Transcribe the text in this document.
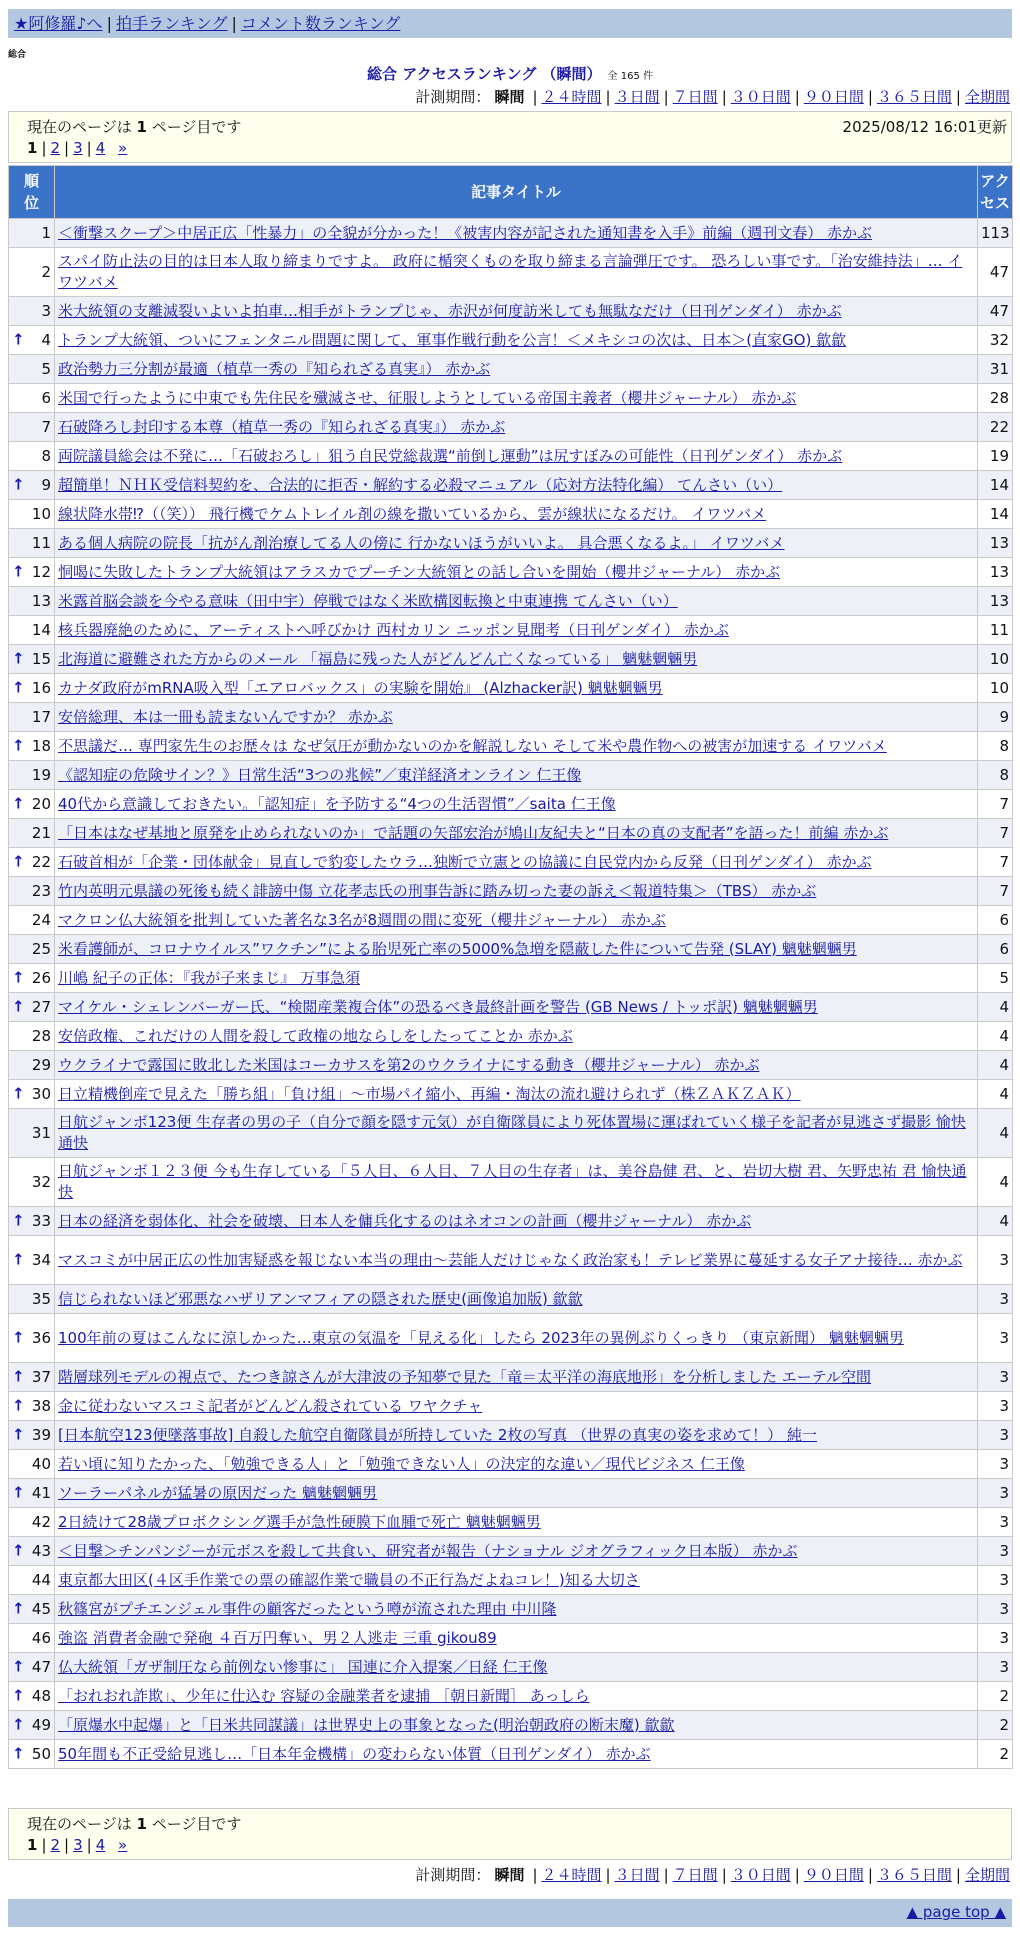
★阿修羅♪へ | 拍手ランキング | コメント数ランキング
総合
総合 アクセスランキング （瞬間） 全 165 件
計測期間： 瞬間 | ２４時間 | ３日間 | ７日間 | ３０日間 | ９０日間 | ３６５日間 | 全期間
現在のページは 1 ページ目です	2025/08/12 16:01更新
1 | 2 | 3 | 4 »
順位	記事タイトル	アクセス

1	＜衝撃スクープ＞中居正広「性暴力」の全貌が分かった！《被害内容が記された通知書を入手》前編（週刊文春） 赤かぶ	113
2	スパイ防止法の目的は日本人取り締まりですよ。 政府に楯突くものを取り締まる言論弾圧です。 恐ろしい事です。「治安維持法」… イワツバメ	47
3	米大統領の支離滅裂いよいよ拍車…相手がトランプじゃ、赤沢が何度訪米しても無駄なだけ（日刊ゲンダイ） 赤かぶ	47

↑ 4	トランプ大統領、ついにフェンタニル問題に関して、軍事作戦行動を公言！＜メキシコの次は、日本＞(直家GO) 歙歙	32
5	政治勢力三分割が最適（植草一秀の『知られざる真実』） 赤かぶ	31
6	米国で行ったように中東でも先住民を殲滅させ、征服しようとしている帝国主義者（櫻井ジャーナル） 赤かぶ	28
7	石破降ろし封印する本尊（植草一秀の『知られざる真実』） 赤かぶ	22
8	両院議員総会は不発に…「石破おろし」狙う自民党総裁選“前倒し運動”は尻すぼみの可能性（日刊ゲンダイ） 赤かぶ	19

↑ 9	超簡単！ＮＨＫ受信料契約を、合法的に拒否・解約する必殺マニュアル（応対方法特化編） てんさい（い）	14
10	線状降水帯⁉（（笑）） 飛行機でケムトレイル剤の線を撒いているから、雲が線状になるだけ。 イワツバメ	14
11	ある個人病院の院長「抗がん剤治療してる人の傍に 行かないほうがいいよ。 具合悪くなるよ。」 イワツバメ	13

↑ 12	恫喝に失敗したトランプ大統領はアラスカでプーチン大統領との話し合いを開始（櫻井ジャーナル） 赤かぶ	13
13	米露首脳会談を今やる意味（田中宇）停戦ではなく米欧構図転換と中東連携 てんさい（い）	13
14	核兵器廃絶のために、アーティストへ呼びかけ 西村カリン ニッポン見聞考（日刊ゲンダイ） 赤かぶ	11

↑ 15	北海道に避難された方からのメール 「福島に残った人がどんどん亡くなっている」 魑魅魍魎男	10

↑ 16	カナダ政府がmRNA吸入型「エアロバックス」の実験を開始』 (Alzhacker訳) 魑魅魍魎男	10
17	安倍総理、本は一冊も読まないんですか？ 赤かぶ	9

↑ 18	不思議だ… 専門家先生のお歴々は なぜ気圧が動かないのかを解説しない そして米や農作物への被害が加速する イワツバメ	8
19	《認知症の危険サイン？》日常生活“3つの兆候”／東洋経済オンライン 仁王像	8

↑ 20	40代から意識しておきたい。「認知症」を予防する“4つの生活習慣”／saita 仁王像	7
21	「日本はなぜ基地と原発を止められないのか」で話題の矢部宏治が鳩山友紀夫と“日本の真の支配者”を語った！前編 赤かぶ	7

↑ 22	石破首相が「企業・団体献金」見直しで豹変したウラ…独断で立憲との協議に自民党内から反発（日刊ゲンダイ） 赤かぶ	7
23	竹内英明元県議の死後も続く誹謗中傷 立花孝志氏の刑事告訴に踏み切った妻の訴え＜報道特集＞（TBS） 赤かぶ	7
24	マクロン仏大統領を批判していた著名な3名が8週間の間に変死（櫻井ジャーナル） 赤かぶ	6
25	米看護師が、コロナウイルス”ワクチン”による胎児死亡率の5000%急増を隠蔽した件について告発 (SLAY) 魑魅魍魎男	6

↑ 26	川嶋 紀子の正体：『我が子来まじ』 万事急須	5

↑ 27	マイケル・シェレンバーガー氏、“検閲産業複合体”の恐るべき最終計画を警告 (GB News / トッポ訳) 魑魅魍魎男	4
28	安倍政権、これだけの人間を殺して政権の地ならしをしたってことか 赤かぶ	4
29	ウクライナで露国に敗北した米国はコーカサスを第2のウクライナにする動き（櫻井ジャーナル） 赤かぶ	4

↑ 30	日立精機倒産で見えた「勝ち組」「負け組」～市場パイ縮小、再編・淘汰の流れ避けられず（株ＺＡＫＺＡＫ）	4
31	日航ジャンボ123便 生存者の男の子（自分で顔を隠す元気）が自衛隊員により死体置場に運ばれていく様子を記者が見逃さず撮影 愉快通快	4
32	日航ジャンボ１２３便 今も生存している「５人目、６人目、７人目の生存者」は、美谷島健 君、と、岩切大樹 君、矢野忠祐 君 愉快通快	4

↑ 33	日本の経済を弱体化、社会を破壊、日本人を傭兵化するのはネオコンの計画（櫻井ジャーナル） 赤かぶ	4

↑ 34	マスコミが中居正広の性加害疑惑を報じない本当の理由～芸能人だけじゃなく政治家も！テレビ業界に蔓延する女子アナ接待… 赤かぶ	3
35	信じられないほど邪悪なハザリアンマフィアの隠された歴史(画像追加版) 歙歙	3

↑ 36	100年前の夏はこんなに涼しかった…東京の気温を「見える化」したら 2023年の異例ぶりくっきり （東京新聞） 魑魅魍魎男	3

↑ 37	階層球列モデルの視点で、たつき諒さんが大津波の予知夢で見た「竜＝太平洋の海底地形」を分析しました エーテル空間	3

↑ 38	金に従わないマスコミ記者がどんどん殺されている ワヤクチャ	3

↑ 39	[日本航空123便墜落事故] 自殺した航空自衛隊員が所持していた 2枚の写真 （世界の真実の姿を求めて！） 純一	3
40	若い頃に知りたかった、「勉強できる人」と「勉強できない人」の決定的な違い／現代ビジネス 仁王像	3

↑ 41	ソーラーパネルが猛暑の原因だった 魑魅魍魎男	3
42	2日続けて28歳プロボクシング選手が急性硬膜下血腫で死亡 魑魅魍魎男	3

↑ 43	＜目撃＞チンパンジーが元ボスを殺して共食い、研究者が報告（ナショナル ジオグラフィック日本版） 赤かぶ	3
44	東京都大田区(４区手作業での票の確認作業で職員の不正行為だよねコレ！)知る大切さ	3

↑ 45	秋篠宮がプチエンジェル事件の顧客だったという噂が流された理由 中川隆	3
46	強盗 消費者金融で発砲 ４百万円奪い、男２人逃走 三重 gikou89	3

↑ 47	仏大統領「ガザ制圧なら前例ない惨事に」 国連に介入提案／日経 仁王像	3

↑ 48	「おれおれ詐欺」、少年に仕込む 容疑の金融業者を逮捕 ［朝日新聞］ あっしら	2

↑ 49	「原爆水中起爆」と「日米共同謀議」は世界史上の事象となった(明治朝政府の断末魔) 歙歙	2

↑ 50	50年間も不正受給見逃し…「日本年金機構」の変わらない体質（日刊ゲンダイ） 赤かぶ	2
現在のページは 1 ページ目です
1 | 2 | 3 | 4 »
計測期間： 瞬間 | ２４時間 | ３日間 | ７日間 | ３０日間 | ９０日間 | ３６５日間 | 全期間
▲ page top ▲
